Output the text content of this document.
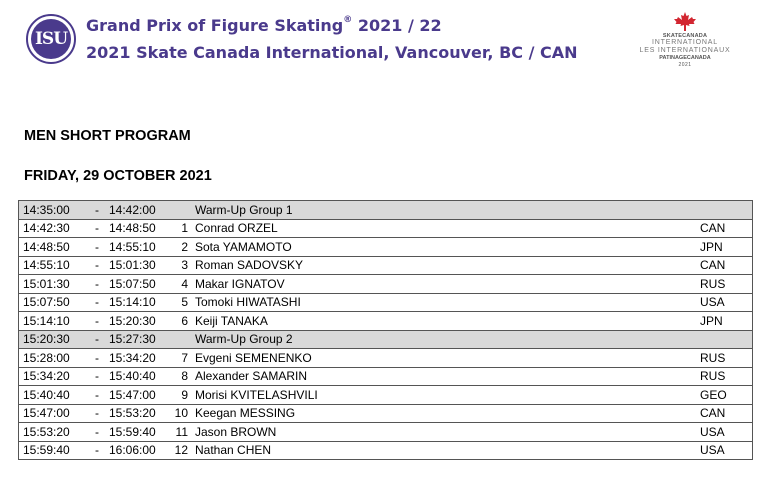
ISU
Grand Prix of Figure Skating® 2021 / 22
2021 Skate Canada International, Vancouver, BC / CAN
SKATECANADA
INTERNATIONAL
LES INTERNATIONAUX
PATINAGECANADA
2021
MEN SHORT PROGRAM
FRIDAY, 29 OCTOBER 2021
14:35:00 - 14:42:00	Warm-Up Group 1	
14:42:30 - 14:48:50	1 Conrad ORZEL	CAN
14:48:50 - 14:55:10	2 Sota YAMAMOTO	JPN
14:55:10 - 15:01:30	3 Roman SADOVSKY	CAN
15:01:30 - 15:07:50	4 Makar IGNATOV	RUS
15:07:50 - 15:14:10	5 Tomoki HIWATASHI	USA
15:14:10 - 15:20:30	6 Keiji TANAKA	JPN
15:20:30 - 15:27:30	Warm-Up Group 2	
15:28:00 - 15:34:20	7 Evgeni SEMENENKO	RUS
15:34:20 - 15:40:40	8 Alexander SAMARIN	RUS
15:40:40 - 15:47:00	9 Morisi KVITELASHVILI	GEO
15:47:00 - 15:53:20	10 Keegan MESSING	CAN
15:53:20 - 15:59:40	11 Jason BROWN	USA
15:59:40 - 16:06:00	12 Nathan CHEN	USA
